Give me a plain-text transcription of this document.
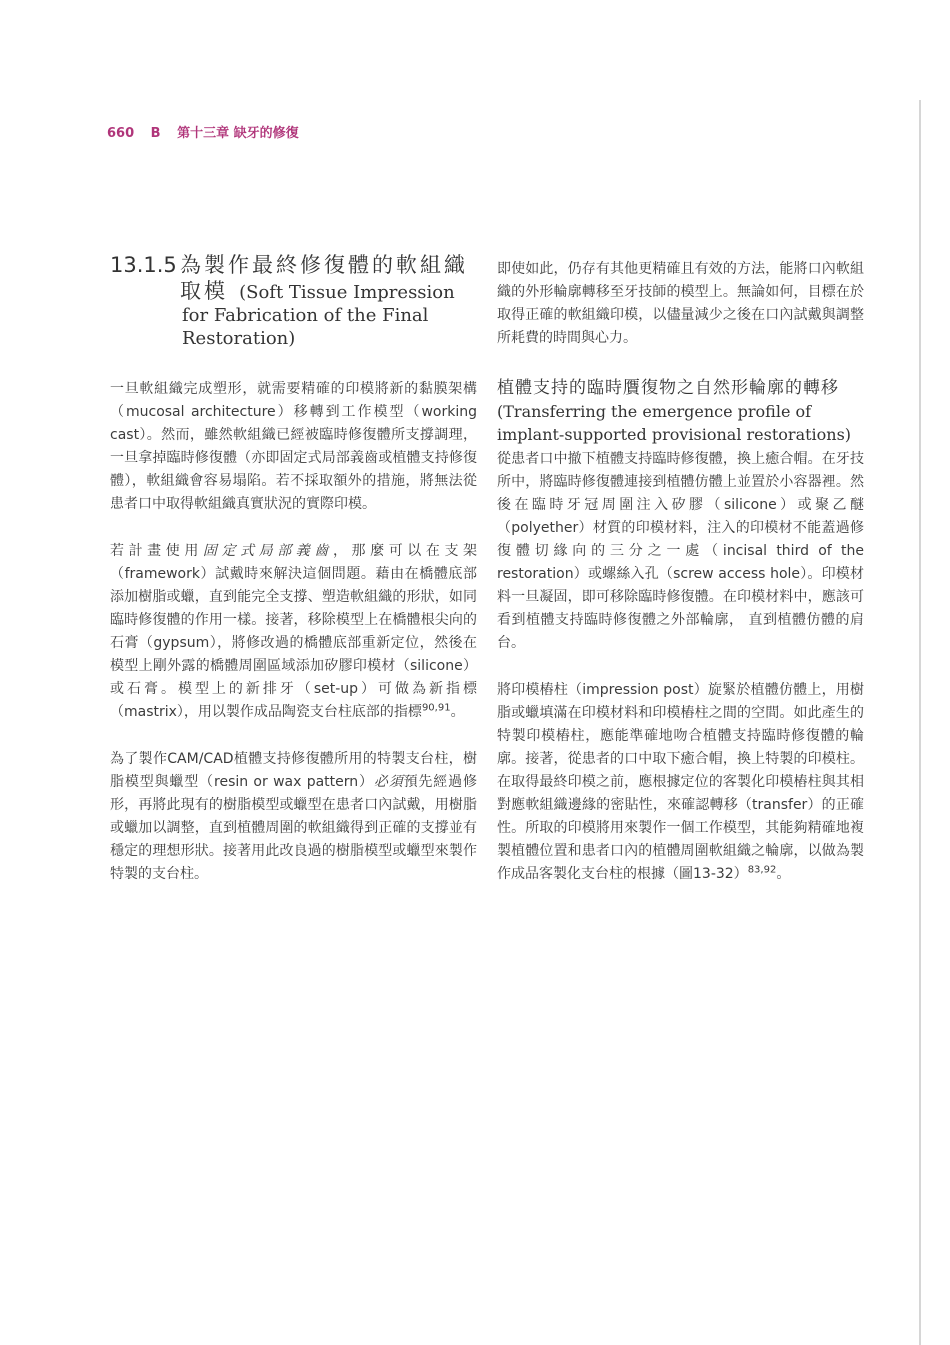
660 B 第十三章 缺牙的修復
13.1.5 為製作最終修復體的軟組織
取模 (Soft Tissue Impression
for Fabrication of the Final
Restoration)

一旦軟組織完成塑形，就需要精確的印模將新的黏膜架構（mucosal architecture）移轉到工作模型（working cast）。然而，雖然軟組織已經被臨時修復體所支撐調理，一旦拿掉臨時修復體（亦即固定式局部義齒或植體支持修復體），軟組織會容易塌陷。若不採取額外的措施，將無法從患者口中取得軟組織真實狀況的實際印模。

若計畫使用固定式局部義齒，那麼可以在支架（framework）試戴時來解決這個問題。藉由在橋體底部添加樹脂或蠟，直到能完全支撐、塑造軟組織的形狀，如同臨時修復體的作用一樣。接著，移除模型上在橋體根尖向的石膏（gypsum），將修改過的橋體底部重新定位，然後在模型上剛外露的橋體周圍區域添加矽膠印模材（silicone）或石膏。模型上的新排牙（set-up）可做為新指標（mastrix），用以製作成品陶瓷支台柱底部的指標$^{90,91}$。

為了製作CAM/CAD植體支持修復體所用的特製支台柱，樹脂模型與蠟型（resin or wax pattern）必須預先經過修形，再將此現有的樹脂模型或蠟型在患者口內試戴，用樹脂或蠟加以調整，直到植體周圍的軟組織得到正確的支撐並有穩定的理想形狀。接著用此改良過的樹脂模型或蠟型來製作特製的支台柱。

即使如此，仍存有其他更精確且有效的方法，能將口內軟組織的外形輪廓轉移至牙技師的模型上。無論如何，目標在於取得正確的軟組織印模，以儘量減少之後在口內試戴與調整所耗費的時間與心力。

植體支持的臨時贋復物之自然形輪廓的轉移 (Transferring the emergence profile of implant-supported provisional restorations)

從患者口中撤下植體支持臨時修復體，換上癒合帽。在牙技所中，將臨時修復體連接到植體仿體上並置於小容器裡。然後在臨時牙冠周圍注入矽膠（silicone）或聚乙醚（polyether）材質的印模材料，注入的印模材不能蓋過修復體切緣向的三分之一處（incisal third of the restoration）或螺絲入孔（screw access hole）。印模材料一旦凝固，即可移除臨時修復體。在印模材料中，應該可看到植體支持臨時修復體之外部輪廓， 直到植體仿體的肩台。

將印模樁柱（impression post）旋緊於植體仿體上，用樹脂或蠟填滿在印模材料和印模樁柱之間的空間。如此產生的特製印模樁柱，應能準確地吻合植體支持臨時修復體的輪廓。接著，從患者的口中取下癒合帽，換上特製的印模柱。在取得最終印模之前，應根據定位的客製化印模樁柱與其相對應軟組織邊緣的密貼性，來確認轉移（transfer）的正確性。所取的印模將用來製作一個工作模型，其能夠精確地複製植體位置和患者口內的植體周圍軟組織之輪廓，以做為製作成品客製化支台柱的根據（圖13-32）$^{83,92}$。
